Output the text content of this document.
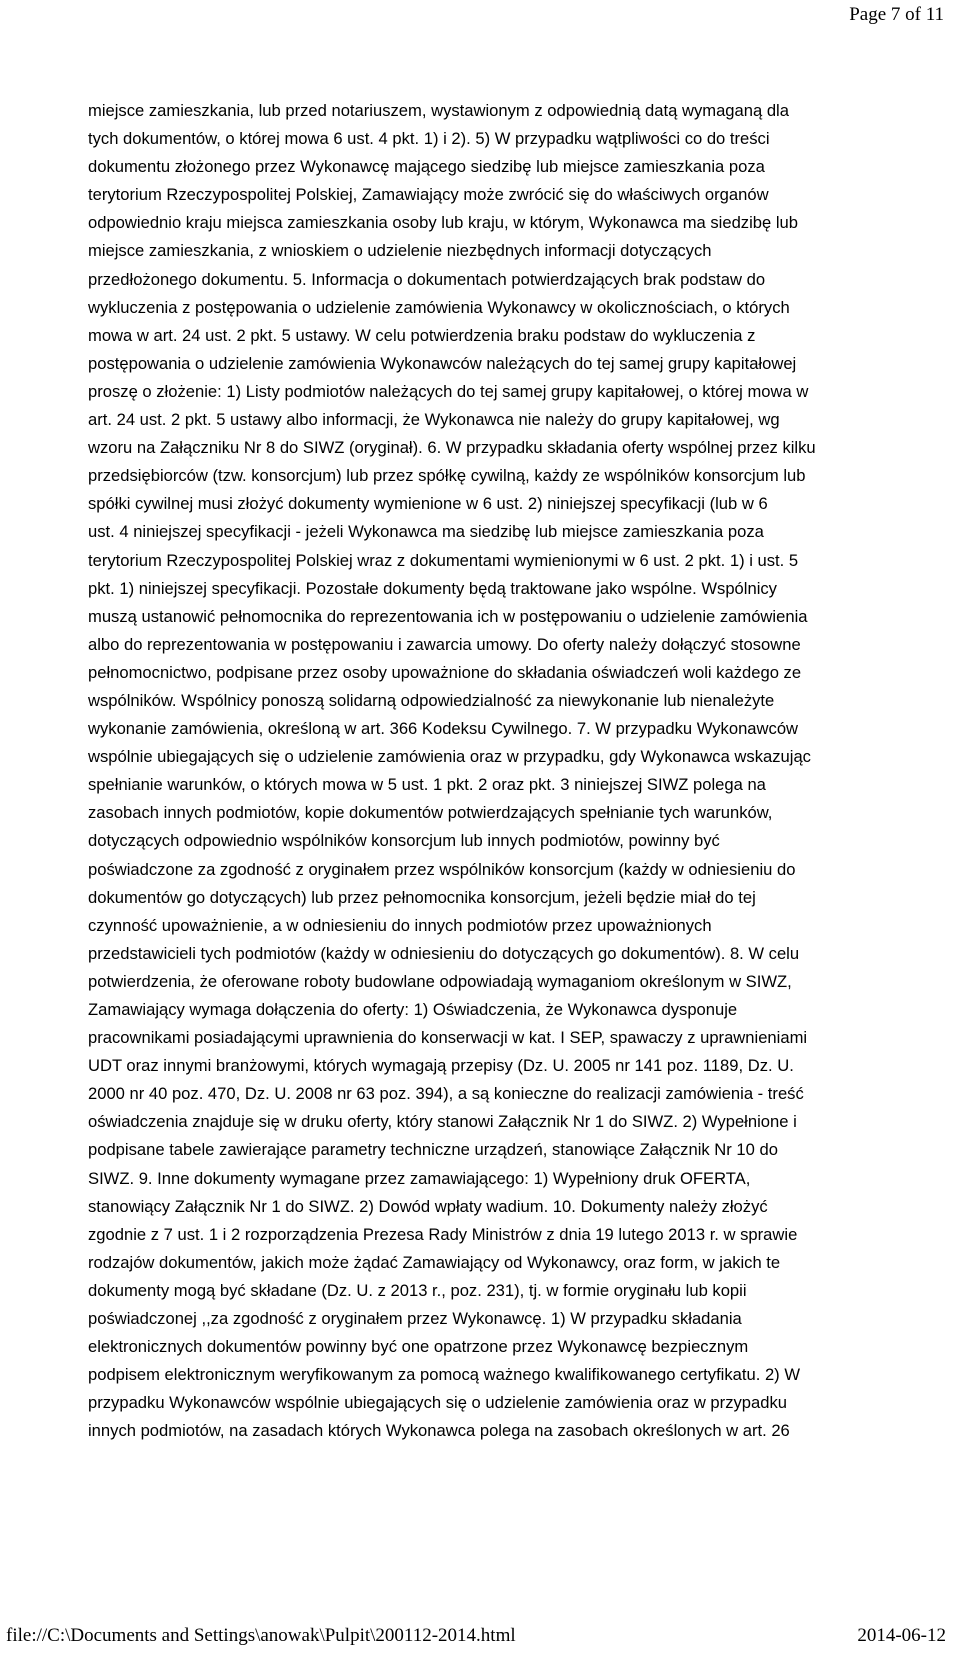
Page 7 of 11
miejsce zamieszkania, lub przed notariuszem, wystawionym z odpowiednią datą wymaganą dla
tych dokumentów, o której mowa 6 ust. 4 pkt. 1) i 2). 5) W przypadku wątpliwości co do treści
dokumentu złożonego przez Wykonawcę mającego siedzibę lub miejsce zamieszkania poza
terytorium Rzeczypospolitej Polskiej, Zamawiający może zwrócić się do właściwych organów
odpowiednio kraju miejsca zamieszkania osoby lub kraju, w którym, Wykonawca ma siedzibę lub
miejsce zamieszkania, z wnioskiem o udzielenie niezbędnych informacji dotyczących
przedłożonego dokumentu. 5. Informacja o dokumentach potwierdzających brak podstaw do
wykluczenia z postępowania o udzielenie zamówienia Wykonawcy w okolicznościach, o których
mowa w art. 24 ust. 2 pkt. 5 ustawy. W celu potwierdzenia braku podstaw do wykluczenia z
postępowania o udzielenie zamówienia Wykonawców należących do tej samej grupy kapitałowej
proszę o złożenie: 1) Listy podmiotów należących do tej samej grupy kapitałowej, o której mowa w
art. 24 ust. 2 pkt. 5 ustawy albo informacji, że Wykonawca nie należy do grupy kapitałowej, wg
wzoru na Załączniku Nr 8 do SIWZ (oryginał). 6. W przypadku składania oferty wspólnej przez kilku
przedsiębiorców (tzw. konsorcjum) lub przez spółkę cywilną, każdy ze wspólników konsorcjum lub
spółki cywilnej musi złożyć dokumenty wymienione w 6 ust. 2) niniejszej specyfikacji (lub w 6
ust. 4 niniejszej specyfikacji - jeżeli Wykonawca ma siedzibę lub miejsce zamieszkania poza
terytorium Rzeczypospolitej Polskiej wraz z dokumentami wymienionymi w 6 ust. 2 pkt. 1) i ust. 5
pkt. 1) niniejszej specyfikacji. Pozostałe dokumenty będą traktowane jako wspólne. Wspólnicy
muszą ustanowić pełnomocnika do reprezentowania ich w postępowaniu o udzielenie zamówienia
albo do reprezentowania w postępowaniu i zawarcia umowy. Do oferty należy dołączyć stosowne
pełnomocnictwo, podpisane przez osoby upoważnione do składania oświadczeń woli każdego ze
wspólników. Wspólnicy ponoszą solidarną odpowiedzialność za niewykonanie lub nienależyte
wykonanie zamówienia, określoną w art. 366 Kodeksu Cywilnego. 7. W przypadku Wykonawców
wspólnie ubiegających się o udzielenie zamówienia oraz w przypadku, gdy Wykonawca wskazując
spełnianie warunków, o których mowa w 5 ust. 1 pkt. 2 oraz pkt. 3 niniejszej SIWZ polega na
zasobach innych podmiotów, kopie dokumentów potwierdzających spełnianie tych warunków,
dotyczących odpowiednio wspólników konsorcjum lub innych podmiotów, powinny być
poświadczone za zgodność z oryginałem przez wspólników konsorcjum (każdy w odniesieniu do
dokumentów go dotyczących) lub przez pełnomocnika konsorcjum, jeżeli będzie miał do tej
czynność upoważnienie, a w odniesieniu do innych podmiotów przez upoważnionych
przedstawicieli tych podmiotów (każdy w odniesieniu do dotyczących go dokumentów). 8. W celu
potwierdzenia, że oferowane roboty budowlane odpowiadają wymaganiom określonym w SIWZ,
Zamawiający wymaga dołączenia do oferty: 1) Oświadczenia, że Wykonawca dysponuje
pracownikami posiadającymi uprawnienia do konserwacji w kat. I SEP, spawaczy z uprawnieniami
UDT oraz innymi branżowymi, których wymagają przepisy (Dz. U. 2005 nr 141 poz. 1189, Dz. U.
2000 nr 40 poz. 470, Dz. U. 2008 nr 63 poz. 394), a są konieczne do realizacji zamówienia - treść
oświadczenia znajduje się w druku oferty, który stanowi Załącznik Nr 1 do SIWZ. 2) Wypełnione i
podpisane tabele zawierające parametry techniczne urządzeń, stanowiące Załącznik Nr 10 do
SIWZ. 9. Inne dokumenty wymagane przez zamawiającego: 1) Wypełniony druk OFERTA,
stanowiący Załącznik Nr 1 do SIWZ. 2) Dowód wpłaty wadium. 10. Dokumenty należy złożyć
zgodnie z 7 ust. 1 i 2 rozporządzenia Prezesa Rady Ministrów z dnia 19 lutego 2013 r. w sprawie
rodzajów dokumentów, jakich może żądać Zamawiający od Wykonawcy, oraz form, w jakich te
dokumenty mogą być składane (Dz. U. z 2013 r., poz. 231), tj. w formie oryginału lub kopii
poświadczonej ,,za zgodność z oryginałem przez Wykonawcę. 1) W przypadku składania
elektronicznych dokumentów powinny być one opatrzone przez Wykonawcę bezpiecznym
podpisem elektronicznym weryfikowanym za pomocą ważnego kwalifikowanego certyfikatu. 2) W
przypadku Wykonawców wspólnie ubiegających się o udzielenie zamówienia oraz w przypadku
innych podmiotów, na zasadach których Wykonawca polega na zasobach określonych w art. 26
file://C:\Documents and Settings\anowak\Pulpit\200112-2014.html	2014-06-12
